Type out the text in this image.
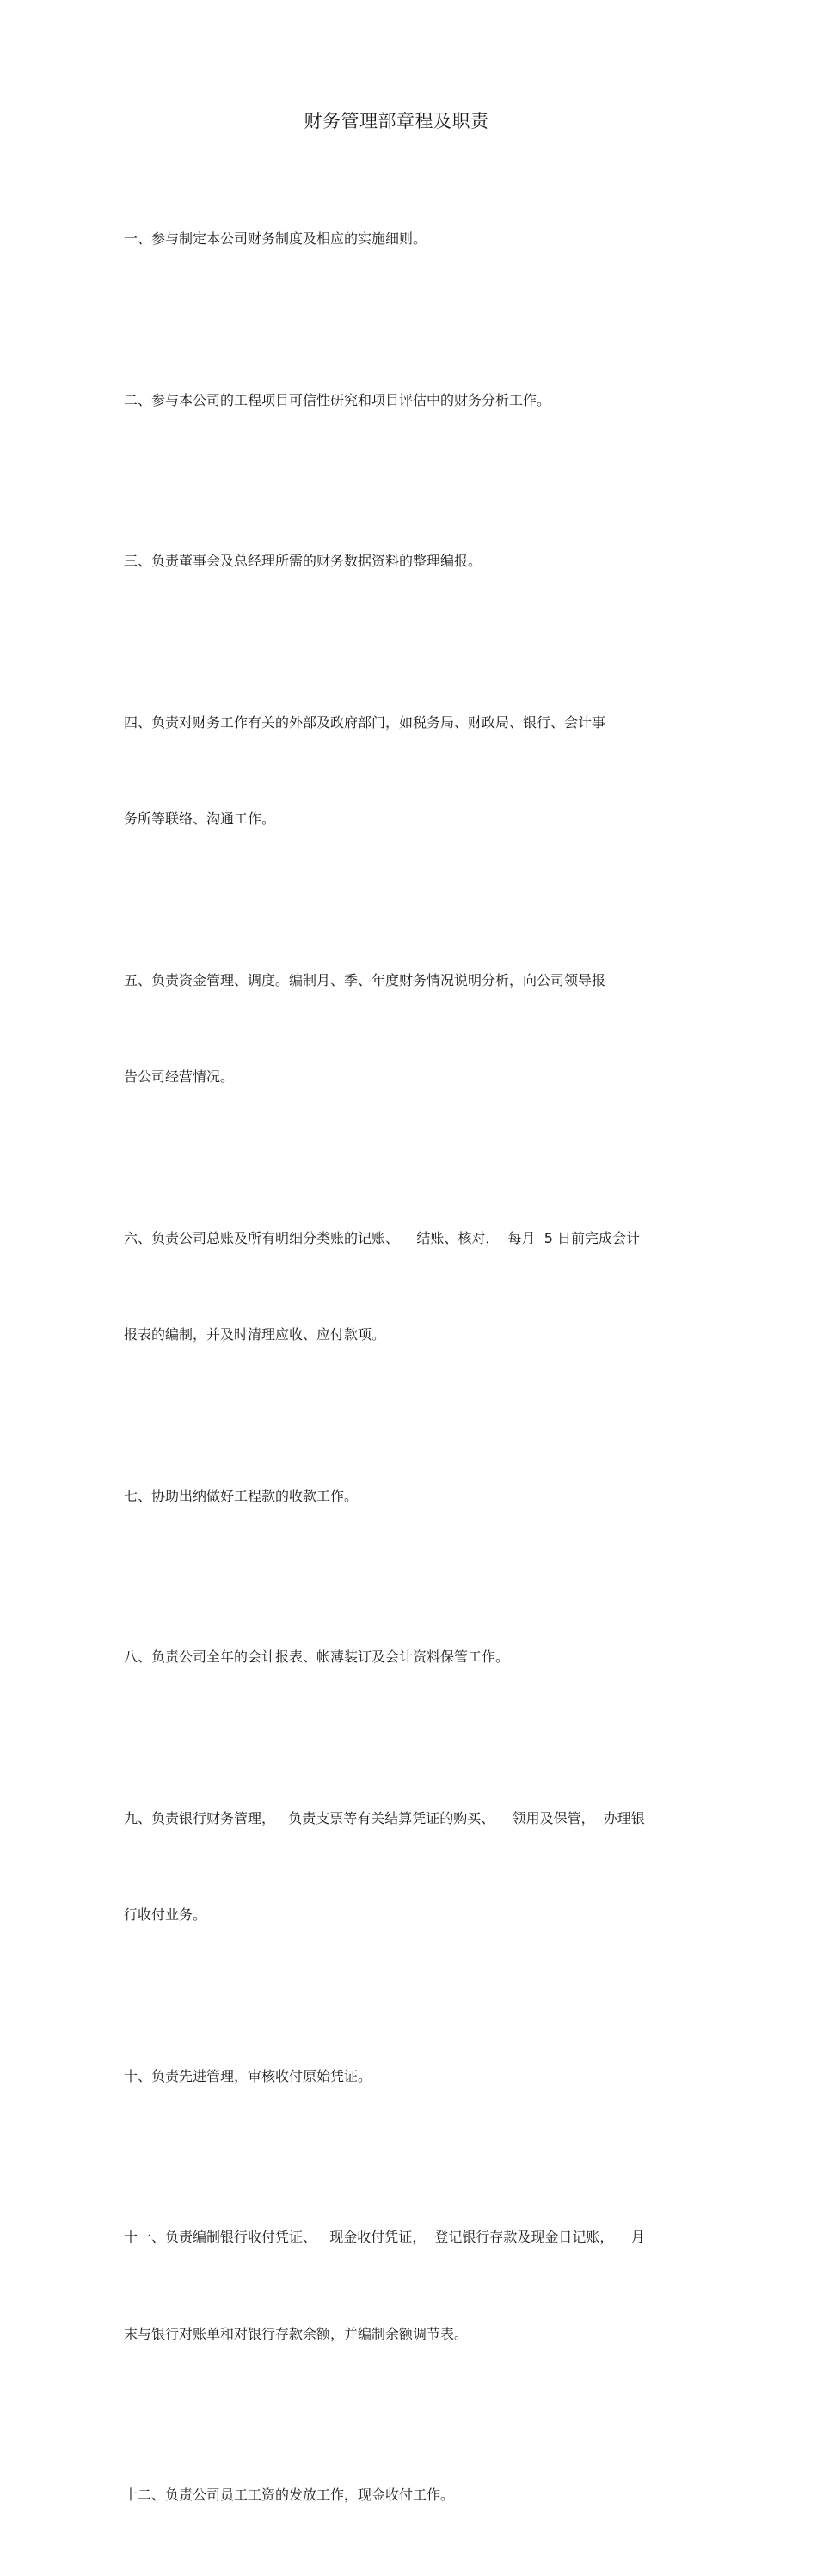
财务管理部章程及职责

一、参与制定本公司财务制度及相应的实施细则。

二、参与本公司的工程项目可信性研究和项目评估中的财务分析工作。

三、负责董事会及总经理所需的财务数据资料的整理编报。

四、负责对财务工作有关的外部及政府部门，如税务局、财政局、银行、会计事

务所等联络、沟通工作。

五、负责资金管理、调度。编制月、季、年度财务情况说明分析，向公司领导报

告公司经营情况。

六、负责公司总账及所有明细分类账的记账、    结账、核对，  每月  5 日前完成会计

报表的编制，并及时清理应收、应付款项。

七、协助出纳做好工程款的收款工作。

八、负责公司全年的会计报表、帐薄装订及会计资料保管工作。

九、负责银行财务管理，   负责支票等有关结算凭证的购买、    领用及保管，  办理银

行收付业务。

十、负责先进管理，审核收付原始凭证。

十一、负责编制银行收付凭证、   现金收付凭证，  登记银行存款及现金日记账，    月

末与银行对账单和对银行存款余额，并编制余额调节表。

十二、负责公司员工工资的发放工作，现金收付工作。
